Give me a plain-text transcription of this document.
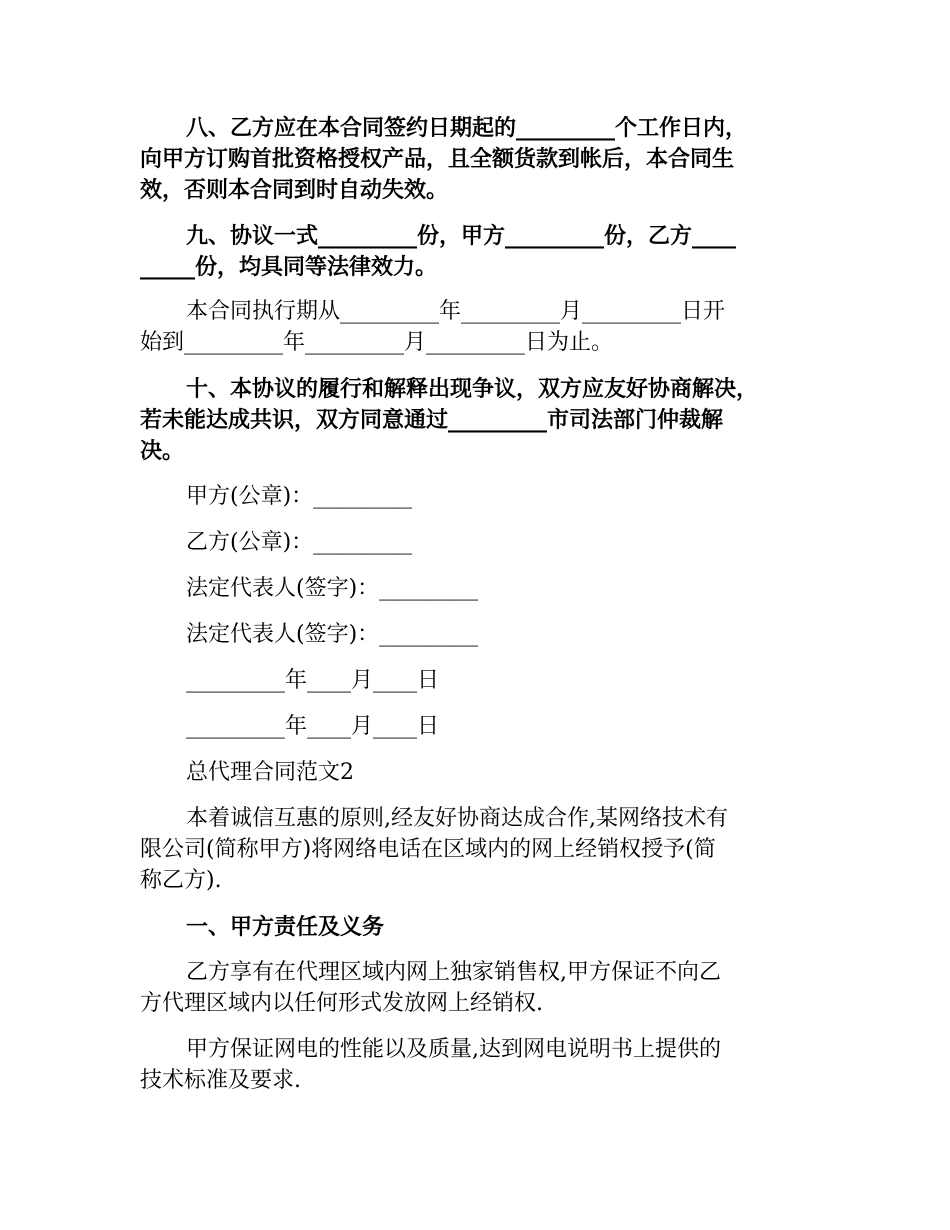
八、乙方应在本合同签约日期起的_________个工作日内，
向甲方订购首批资格授权产品，且全额货款到帐后，本合同生
效，否则本合同到时自动失效。
九、协议一式_________份，甲方_________份，乙方____
_____份，均具同等法律效力。
本合同执行期从_________年_________月_________日开
始到_________年_________月_________日为止。
十、本协议的履行和解释出现争议，双方应友好协商解决，
若未能达成共识，双方同意通过_________市司法部门仲裁解
决。
甲方(公章)：_________
乙方(公章)：_________
法定代表人(签字)：_________
法定代表人(签字)：_________
_________年____月____日
_________年____月____日
总代理合同范文2
本着诚信互惠的原则,经友好协商达成合作,某网络技术有
限公司(简称甲方)将网络电话在区域内的网上经销权授予(简
称乙方).
一、甲方责任及义务
乙方享有在代理区域内网上独家销售权,甲方保证不向乙
方代理区域内以任何形式发放网上经销权.
甲方保证网电的性能以及质量,达到网电说明书上提供的
技术标准及要求.
